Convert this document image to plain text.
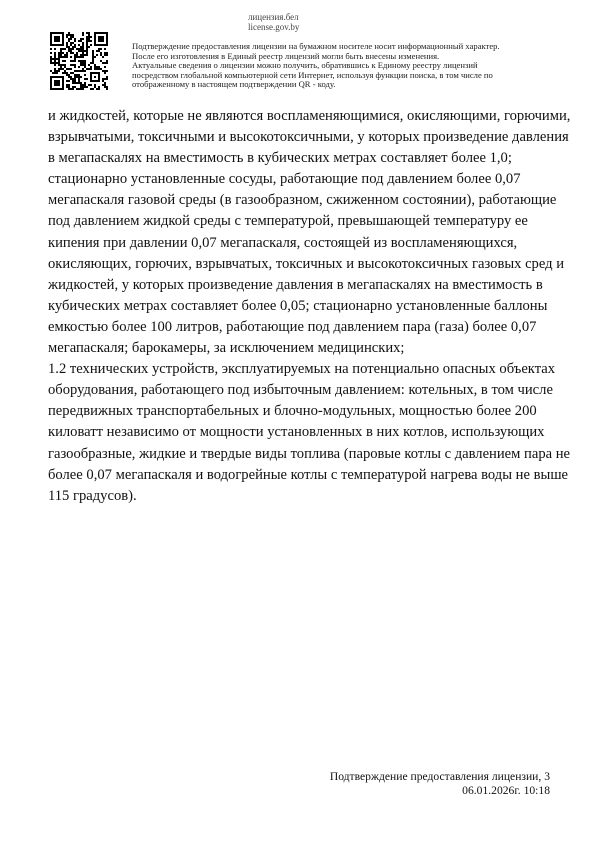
лицензия.бел
license.gov.by

Подтверждение предоставления лицензии на бумажном носителе носит информационный характер.

После его изготовления в Единый реестр лицензий могли быть внесены изменения.

Актуальные сведения о лицензии можно получить, обратившись к Единому реестру лицензий

посредством глобальной компьютерной сети Интернет, используя функции поиска, в том числе по

отображенному в настоящем подтверждении QR - коду.

и жидкостей, которые не являются воспламеняющимися, окисляющими, горючими,
взрывчатыми, токсичными и высокотоксичными, у которых произведение давления
в мегапаскалях на вместимость в кубических метрах составляет более 1,0;
стационарно установленные сосуды, работающие под давлением более 0,07
мегапаскаля газовой среды (в газообразном, сжиженном состоянии), работающие
под давлением жидкой среды с температурой, превышающей температуру ее
кипения при давлении 0,07 мегапаскаля, состоящей из воспламеняющихся,
окисляющих, горючих, взрывчатых, токсичных и высокотоксичных газовых сред и
жидкостей, у которых произведение давления в мегапаскалях на вместимость в
кубических метрах составляет более 0,05; стационарно установленные баллоны
емкостью более 100 литров, работающие под давлением пара (газа) более 0,07
мегапаскаля; барокамеры, за исключением медицинских;
1.2 технических устройств, эксплуатируемых на потенциально опасных объектах
оборудования, работающего под избыточным давлением: котельных, в том числе
передвижных транспортабельных и блочно-модульных, мощностью более 200
киловатт независимо от мощности установленных в них котлов, использующих
газообразные, жидкие и твердые виды топлива (паровые котлы с давлением пара не
более 0,07 мегапаскаля и водогрейные котлы с температурой нагрева воды не выше
115 градусов).
Подтверждение предоставления лицензии, 3
06.01.2026г. 10:18
